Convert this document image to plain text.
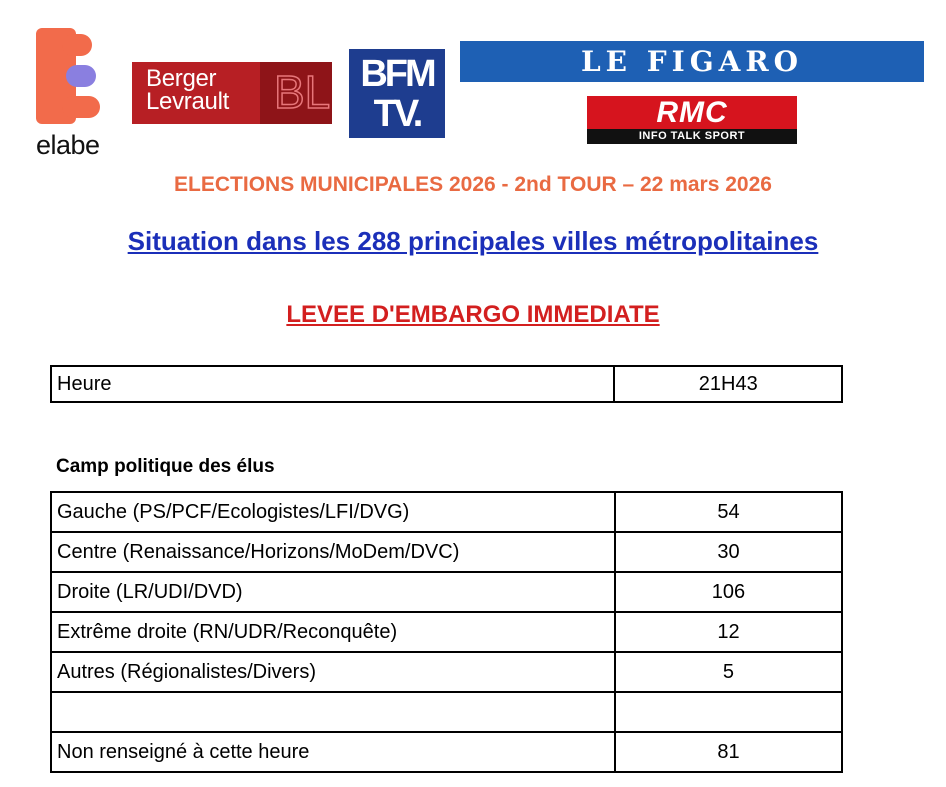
elabe
BL
Berger
Levrault
BFM
TV.
LE FIGARO
RMC
INFO TALK SPORT
ELECTIONS MUNICIPALES 2026 - 2nd TOUR – 22 mars 2026
Situation dans les 288 principales villes métropolitaines
LEVEE D'EMBARGO IMMEDIATE
Heure	21H43
Camp politique des élus
Gauche (PS/PCF/Ecologistes/LFI/DVG)	54
Centre (Renaissance/Horizons/MoDem/DVC)	30
Droite (LR/UDI/DVD)	106
Extrême droite (RN/UDR/Reconquête)	12
Autres (Régionalistes/Divers)	5

Non renseigné à cette heure	81
